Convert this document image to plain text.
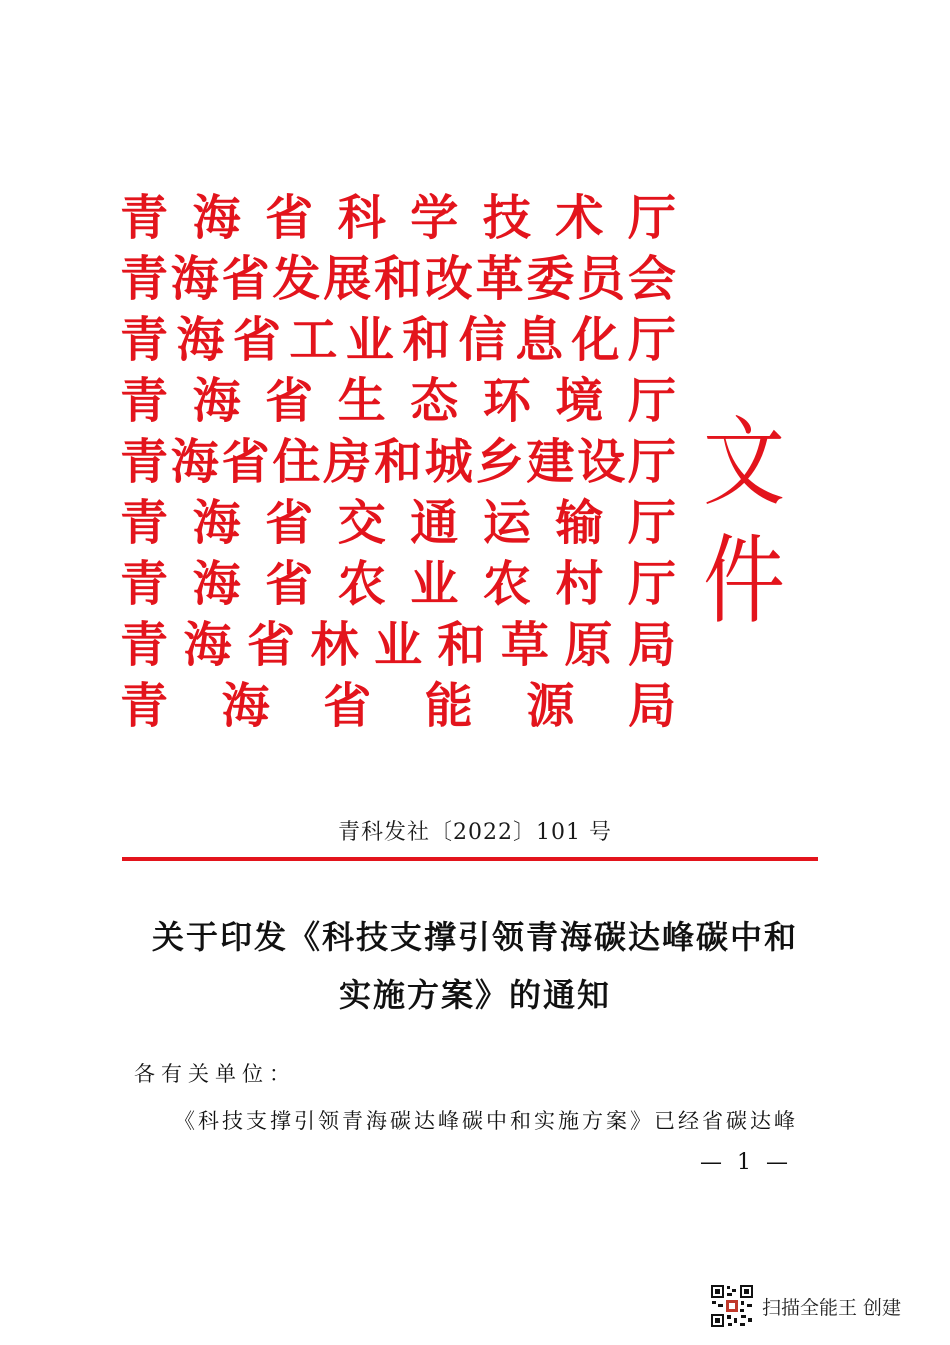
青 海 省 科 学 技 术 厅
青 海 省 发 展 和 改 革 委 员 会
青 海 省 工 业 和 信 息 化 厅
青 海 省 生 态 环 境 厅
青 海 省 住 房 和 城 乡 建 设 厅
青 海 省 交 通 运 输 厅
青 海 省 农 业 农 村 厅
青 海 省 林 业 和 草 原 局
青 海 省 能 源 局
文件
青科发社〔2022〕101 号
关于印发《科技支撑引领青海碳达峰碳中和
实施方案》的通知
各有关单位：
《科技支撑引领青海碳达峰碳中和实施方案》已经省碳达峰
— 1 —
扫描全能王 创建
